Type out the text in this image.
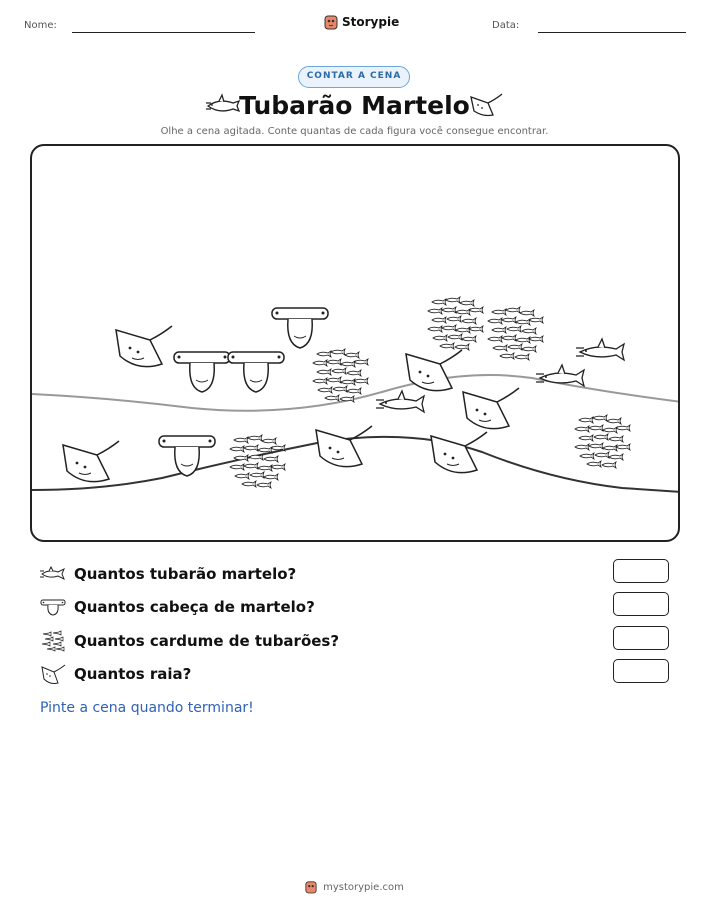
Nome:	Storypie	Data:
CONTAR A CENA
Tubarão Martelo
Olhe a cena agitada. Conte quantas de cada figura você consegue encontrar.
Quantos tubarão martelo?
Quantos cabeça de martelo?
Quantos cardume de tubarões?
Quantos raia?
Pinte a cena quando terminar!
mystorypie.com
